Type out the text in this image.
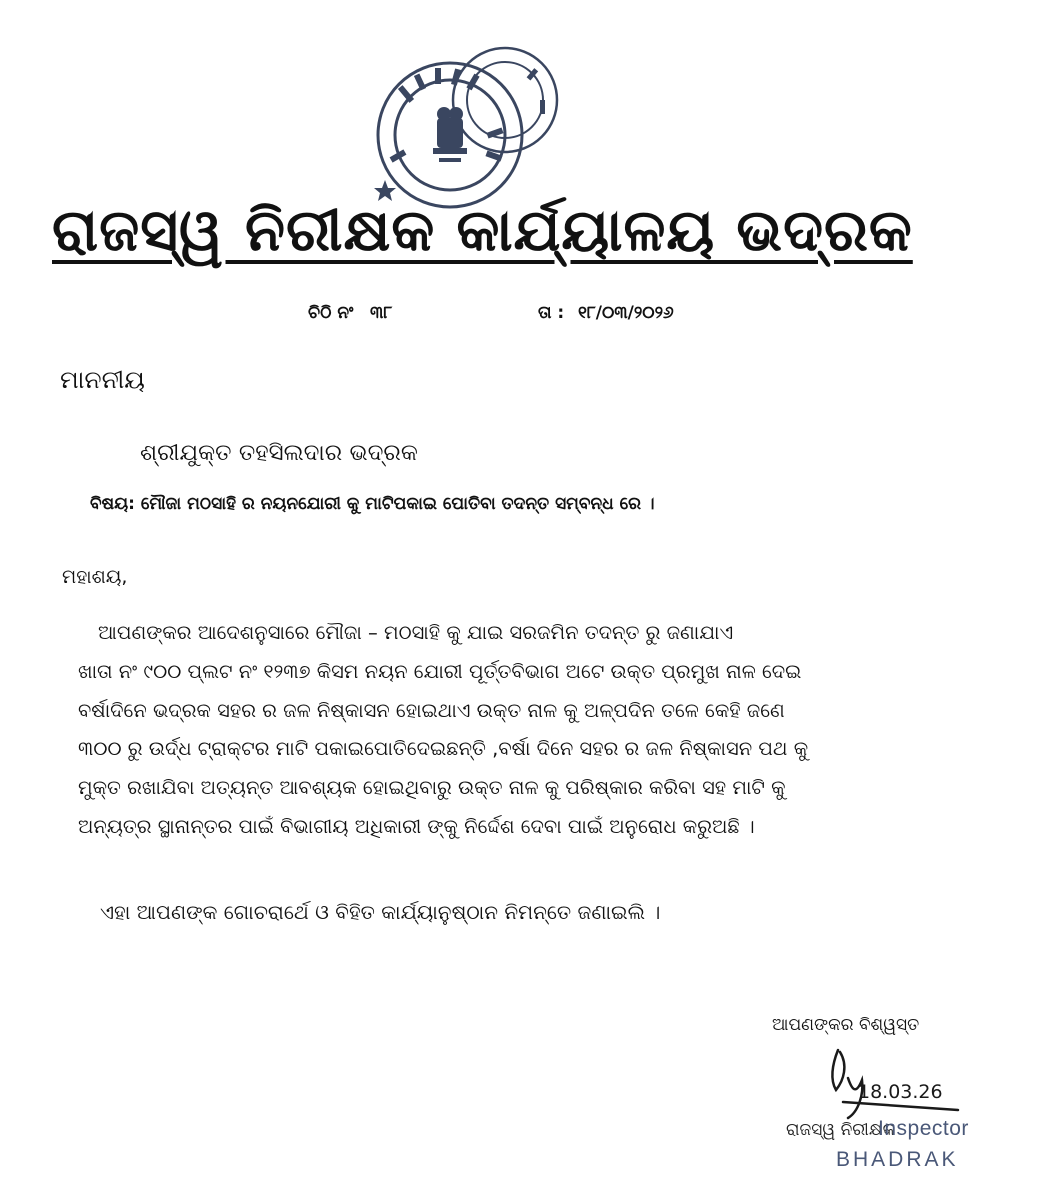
ରାଜସ୍ୱ ନିରୀକ୍ଷକ କାର୍ଯ୍ୟାଳୟ ଭଦ୍ରକ
ଚିଠି ନଂ ୩୮	ତା : ୧୮/୦୩/୨୦୨୬
ମାନନୀୟ
ଶ୍ରୀଯୁକ୍ତ ତହସିଲଦାର ଭଦ୍ରକ
ବିଷୟ: ମୌଜା ମଠସାହି ର ନୟନଯୋରୀ କୁ ମାଟିପକାଇ ପୋତିବା ତଦନ୍ତ ସମ୍ବନ୍ଧ ରେ ।
ମହାଶୟ,
ଆପଣଙ୍କର ଆଦେଶନୁସାରେ ମୌଜା – ମଠସାହି କୁ ଯାଇ ସରଜମିନ ତଦନ୍ତ ରୁ ଜଣାଯାଏ
ଖାତା ନଂ ୯୦୦ ପ୍ଲଟ ନଂ ୧୨୩୭ କିସମ ନୟନ ଯୋରୀ ପୂର୍ତ୍ତବିଭାଗ ଅଟେ ଉକ୍ତ ପ୍ରମୁଖ ନାଳ ଦେଇ
ବର୍ଷାଦିନେ ଭଦ୍ରକ ସହର ର ଜଳ ନିଷ୍କାସନ ହୋଇଥାଏ ଉକ୍ତ ନାଳ କୁ ଅଳ୍ପଦିନ ତଳେ କେହି ଜଣେ
୩୦୦ ରୁ ଉର୍ଦ୍ଧ ଟ୍ରାକ୍ଟର ମାଟି ପକାଇପୋତିଦେଇଛନ୍ତି ,ବର୍ଷା ଦିନେ ସହର ର ଜଳ ନିଷ୍କାସନ ପଥ କୁ
ମୁକ୍ତ ରଖାଯିବା ଅତ୍ୟନ୍ତ ଆବଶ୍ୟକ ହୋଇଥିବାରୁ ଉକ୍ତ ନାଳ କୁ ପରିଷ୍କାର କରିବା ସହ ମାଟି କୁ
ଅନ୍ୟତ୍ର ସ୍ଥାନାନ୍ତର ପାଇଁ ବିଭାଗୀୟ ଅଧିକାରୀ ଙ୍କୁ ନିର୍ଦ୍ଦେଶ ଦେବା ପାଇଁ ଅନୁରୋଧ କରୁଅଛି ।
ଏହା ଆପଣଙ୍କ ଗୋଚରାର୍ଥେ ଓ ବିହିତ କାର୍ଯ୍ୟାନୁଷ୍ଠାନ ନିମନ୍ତେ ଜଣାଇଲି ।
ଆପଣଙ୍କର ବିଶ୍ୱସ୍ତ
18.03.26
ରାଜସ୍ୱ ନିରୀକ୍ଷକ
Inspector
BHADRAK
